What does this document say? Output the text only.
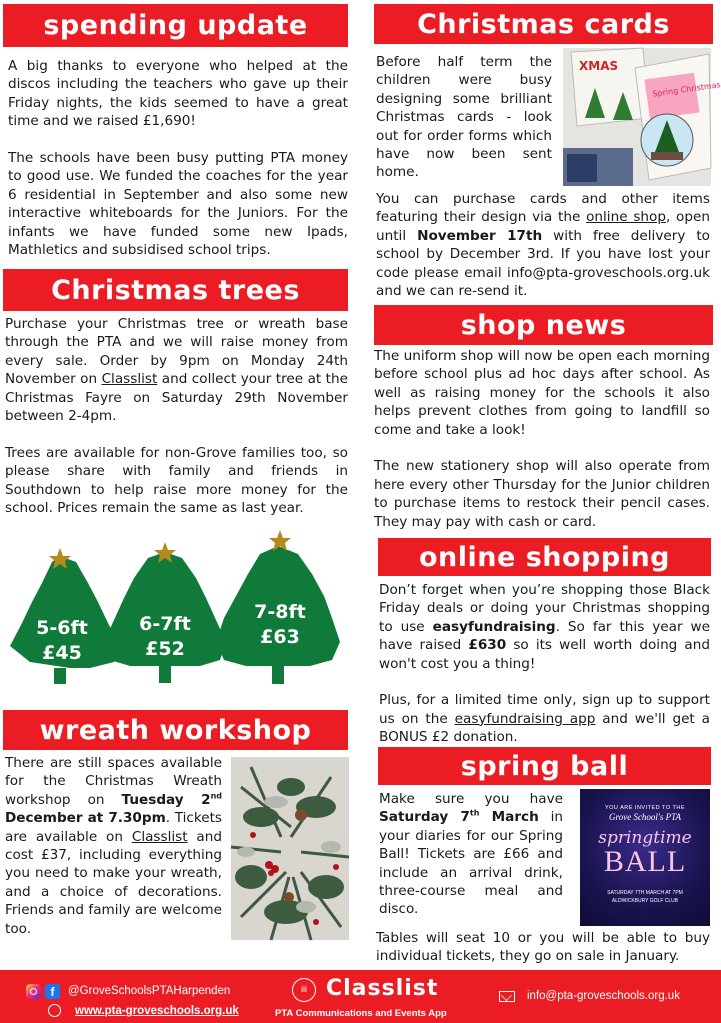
spending update

A big thanks to everyone who helped at the discos including the teachers who gave up their Friday nights, the kids seemed to have a great time and we raised £1,690!

The schools have been busy putting PTA money to good use. We funded the coaches for the year 6 residential in September and also some new interactive whiteboards for the Juniors. For the infants we have funded some new Ipads, Mathletics and subsidised school trips.

Christmas trees

Purchase your Christmas tree or wreath base through the PTA and we will raise money from every sale. Order by 9pm on Monday 24th November on Classlist and collect your tree at the Christmas Fayre on Saturday 29th November between 2-4pm.

Trees are available for non-Grove families too, so please share with family and friends in Southdown to help raise more money for the school. Prices remain the same as last year.

5-6ft
£45
6-7ft
£52
7-8ft
£63
wreath workshop

There are still spaces available for the Christmas Wreath workshop on Tuesday 2nd December at 7.30pm. Tickets are available on Classlist and cost £37, including everything you need to make your wreath, and a choice of decorations. Friends and family are welcome too.

Christmas cards

Before half term the children were busy designing some brilliant Christmas cards - look out for order forms which have now been sent home.

XMAS
Spring Christmas

You can purchase cards and other items featuring their design via the online shop, open until November 17th with free delivery to school by December 3rd. If you have lost your code please email info@pta-groveschools.org.uk and we can re-send it.

shop news

The uniform shop will now be open each morning before school plus ad hoc days after school. As well as raising money for the schools it also helps prevent clothes from going to landfill so come and take a look!

The new stationery shop will also operate from here every other Thursday for the Junior children to purchase items to restock their pencil cases. They may pay with cash or card.

online shopping

Don’t forget when you’re shopping those Black Friday deals or doing your Christmas shopping to use easyfundraising. So far this year we have raised £630 so its well worth doing and won't cost you a thing!

Plus, for a limited time only, sign up to support us on the easyfundraising app and we'll get a BONUS £2 donation.

spring ball

Make sure you have Saturday 7th March in your diaries for our Spring Ball! Tickets are £66 and include an arrival drink, three-course meal and disco.

YOU ARE INVITED TO THE
Grove School's PTA
springtime
BALL
SATURDAY 7TH MARCH AT 7PM
ALDWICKBURY GOLF CLUB

Tables will seat 10 or you will be able to buy individual tickets, they go on sale in January.

f	@GroveSchoolsPTAHarpenden
www.pta-groveschools.org.uk
iii Classlist
PTA Communications and Events App
info@pta-groveschools.org.uk
